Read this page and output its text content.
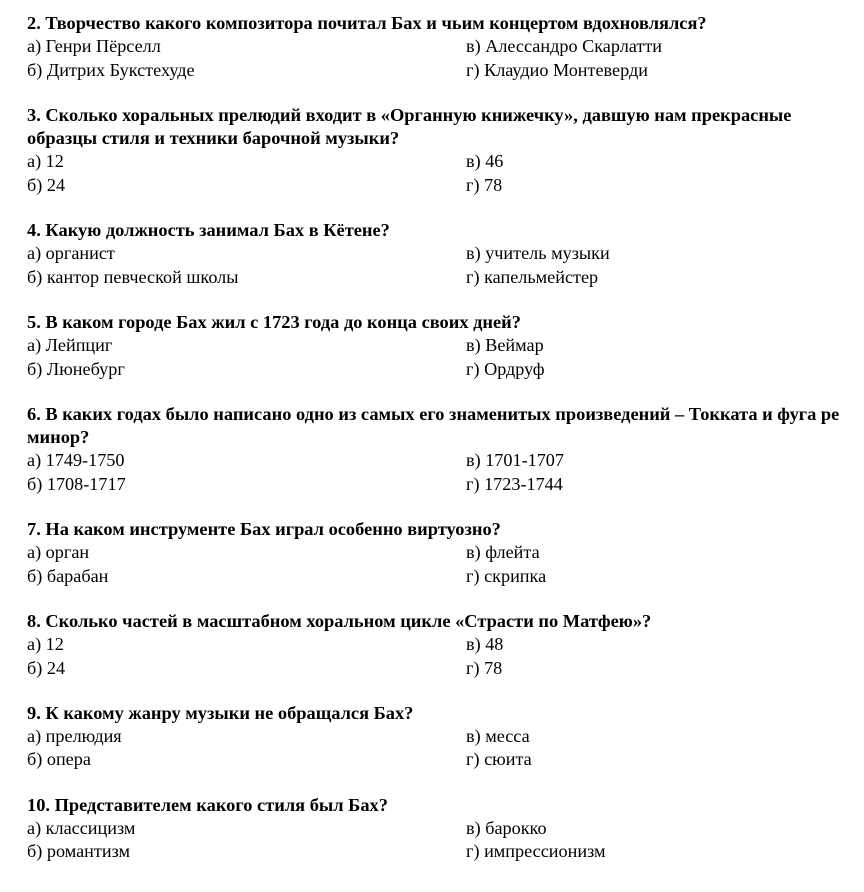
2. Творчество какого композитора почитал Бах и чьим концертом вдохновлялся?
а) Генри Пёрселл	в) Алессандро Скарлатти
б) Дитрих Букстехуде	г) Клаудио Монтеверди
3. Сколько хоральных прелюдий входит в «Органную книжечку», давшую нам прекрасные образцы стиля и техники барочной музыки?
а) 12	в) 46
б) 24	г) 78
4. Какую должность занимал Бах в Кётене?
а) органист	в) учитель музыки
б) кантор певческой школы	г) капельмейстер
5. В каком городе Бах жил с 1723 года до конца своих дней?
а) Лейпциг	в) Веймар
б) Люнебург	г) Ордруф
6. В каких годах было написано одно из самых его знаменитых произведений – Токката и фуга ре минор?
а) 1749-1750	в) 1701-1707
б) 1708-1717	г) 1723-1744
7. На каком инструменте Бах играл особенно виртуозно?
а) орган	в) флейта
б) барабан	г) скрипка
8. Сколько частей в масштабном хоральном цикле «Страсти по Матфею»?
а) 12	в) 48
б) 24	г) 78
9. К какому жанру музыки не обращался Бах?
а) прелюдия	в) месса
б) опера	г) сюита
10. Представителем какого стиля был Бах?
а) классицизм	в) барокко
б) романтизм	г) импрессионизм
